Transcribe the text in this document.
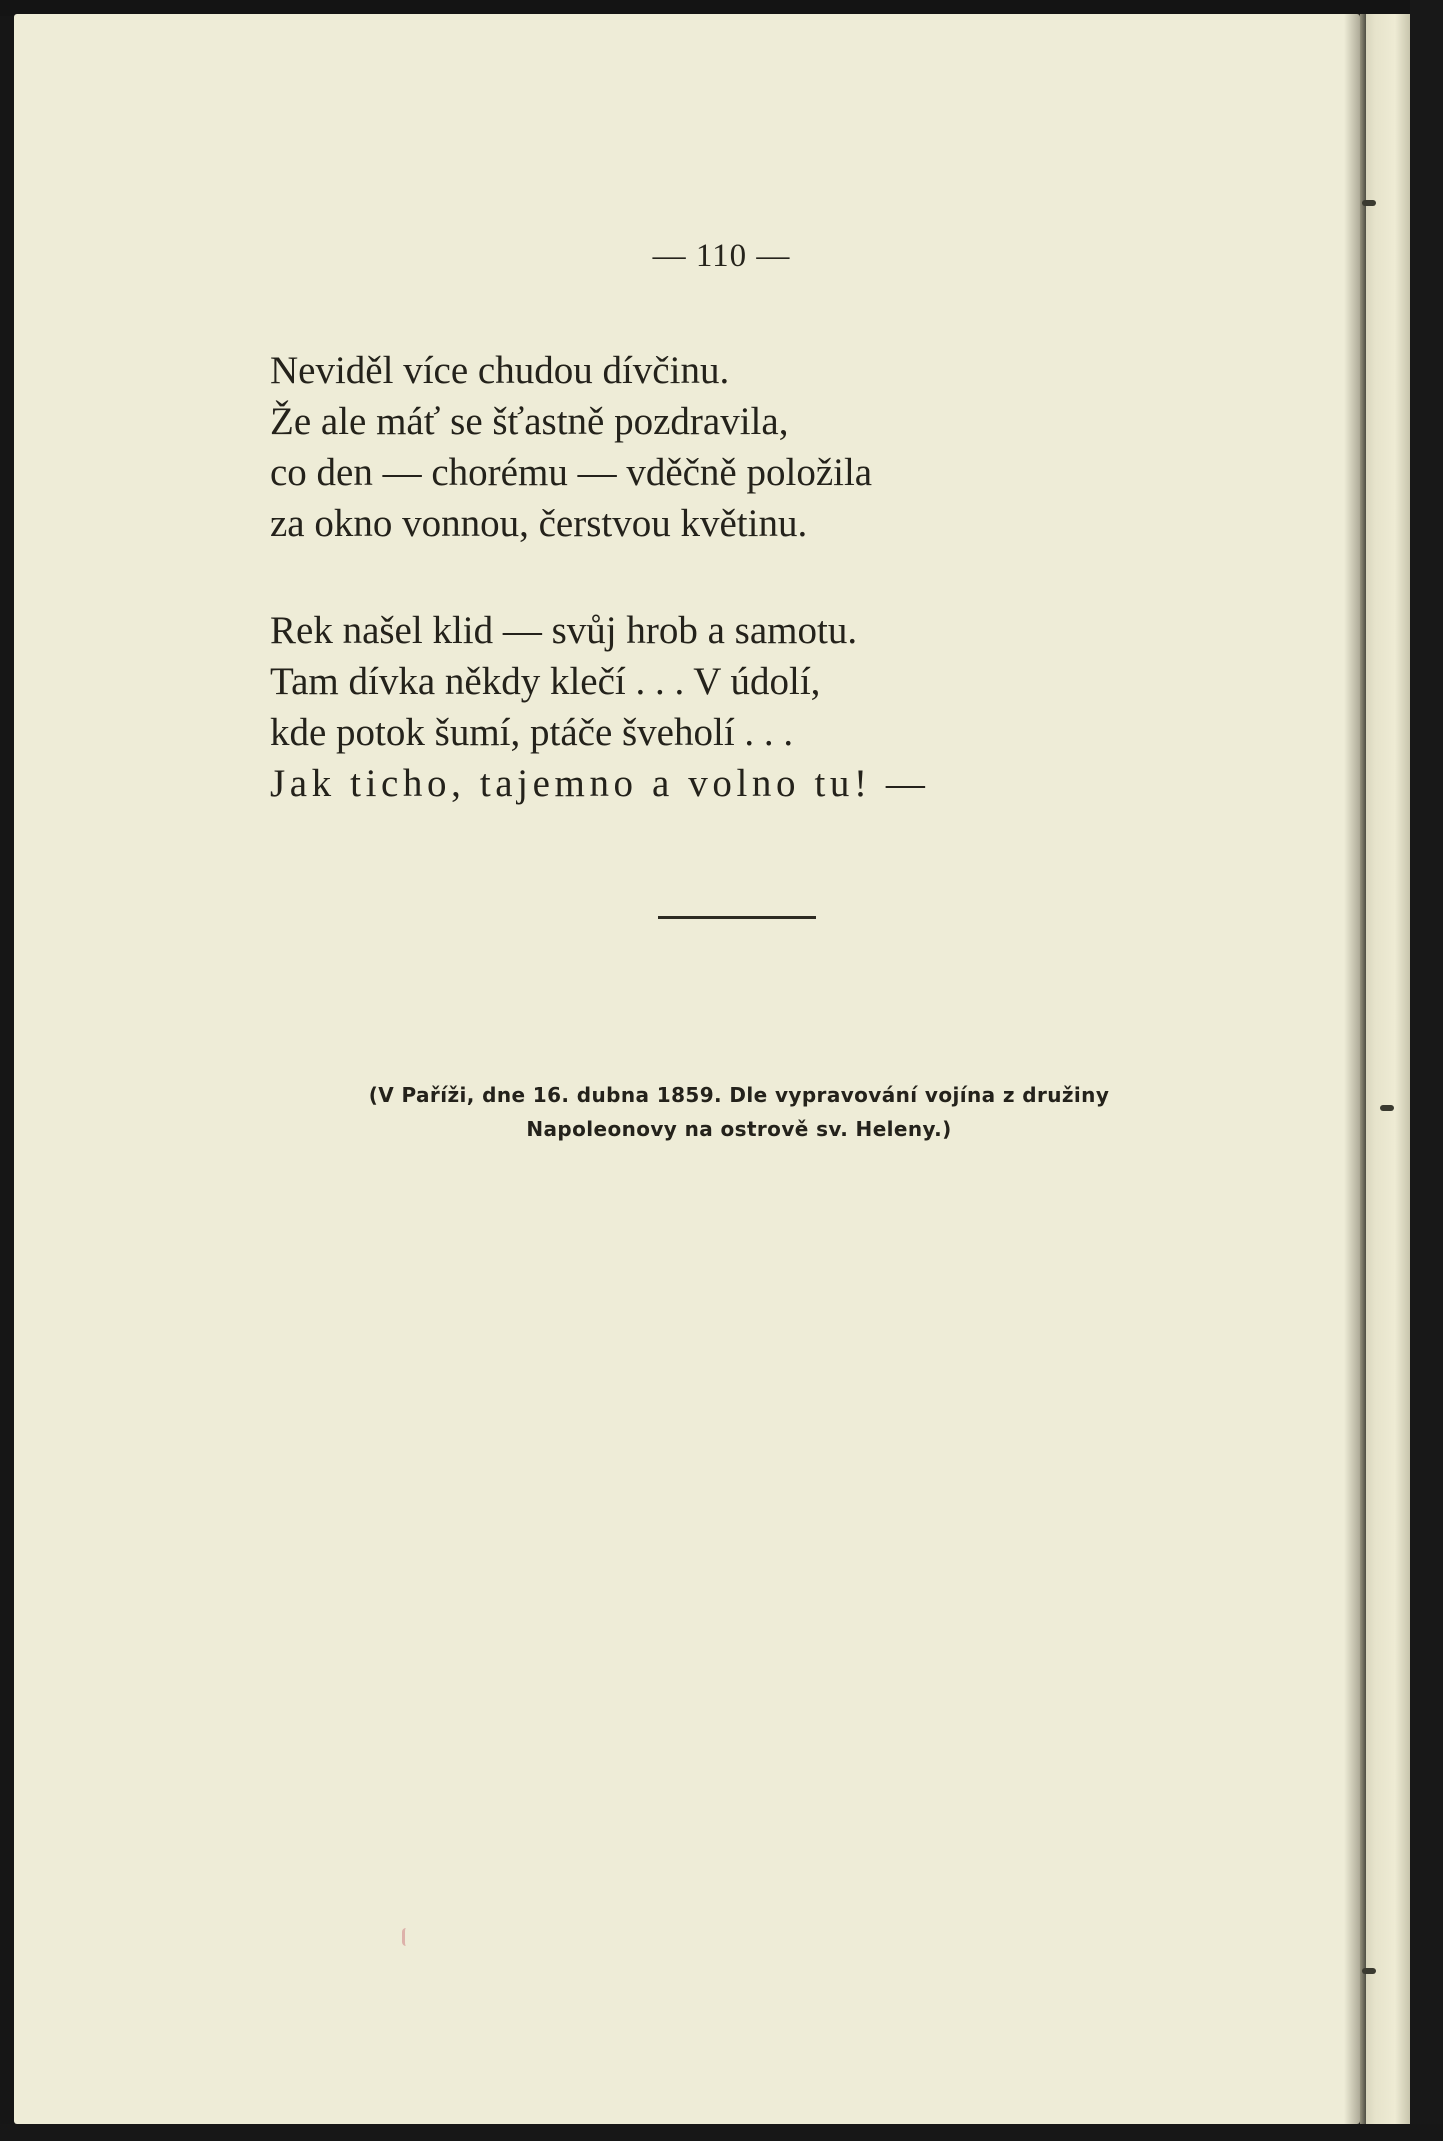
— 110 —
Neviděl více chudou dívčinu.
Že ale máť se šťastně pozdravila,
co den — chorému — vděčně položila
za okno vonnou, čerstvou květinu.
Rek našel klid — svůj hrob a samotu.
Tam dívka někdy klečí . . . V údolí,
kde potok šumí, ptáče šveholí . . .
Jak ticho, tajemno a volno tu! —
(V Paříži, dne 16. dubna 1859. Dle vypravování vojína z družiny
Napoleonovy na ostrově sv. Heleny.)
